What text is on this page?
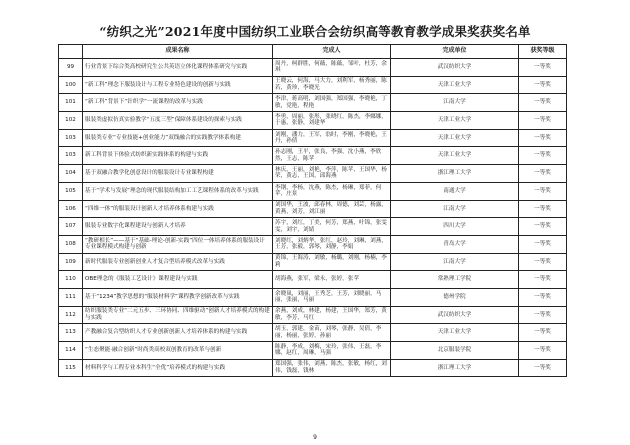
“纺织之光”2021年度中国纺织工业联合会纺织高等教育教学成果奖获奖名单
	成果名称	完成人	完成单位	获奖等级
99	行业背景下综合类高校研究生公共英语立体化课程体系研究与实践	周丹，柯群胜，何薇，陈薇，邹叶，杜芳，余琪	武汉纺织大学	一等奖
100	“新工科”理念下服装设计与工程专业特色建设的创新与实践	王晓云，何海，马大力，刘利军，杨秀丽，陈若，黄珍，李晓光	天津工业大学	一等奖
101	“新工科”背景下“针织学”一流课程的改革与实践	李津，蒋高明，刘国强，郑国强，李晓艳，丁敏，党艳，程艳	江南大学	一等奖
102	服装类虚拟仿真实验教学“五度三型”保障体系建设的探索与实践	李勇，周丽，张彤，张晓红，陈杰，李娜娜，于惠，张静，刘建华	天津工业大学	一等奖
103	服装类专业“专业技能+创业能力”双线融合的实践教学体系构建	刘刚，潘力，王军，翁时，李刚，李晓艳，王丹，孙倩	天津工业大学	一等奖
103	新工科背景下体验式纺织新实践体系的构建与实践	孙志刚，王平，张良，李强，沈小燕，李欣然，王志，陈苹	天津工业大学	一等奖
104	基于双融合教学化创意设计的服装设计专业课程构建	林庆，王丽，刘艳，李萍，陈苹，王国华，杨荣，黄志，王国，邱海燕	浙江理工大学	一等奖
105	基于“学术与发展”理念的现代服装结构加工工艺课程体系的改革与实践	李钢，李杨，沈燕，陈杰，杨琳，郑菲，何苹，庄景	南通大学	一等奖
106	“四维一体”的服装设计创新人才培养体系构建与实践	刘国华，王波，邱春林，周德，刘芸，杨露，黄燕，刘芳，刘江丽	江南大学	一等奖
107	服装专业数字化课程建设与创新人才培养	苏宇，刘红，丁美，何芳，郑燕，叶锦，张雯雯，刘宇，刘婧	四川大学	一等奖
108	“教研相长”——基于“基础-理论-创新-实践”四位一体培养体系的服装设计专业课程模式构建与创新	刘晓红，刘炳华，张红，赵玲，刘琳，刘燕，王芳，张毅，郭琴，刘静，李娟	青岛大学	一等奖
109	新时代服装专业创新创业人才复合型培养模式改革与实践	黄锦，王海涛，刘敏，杨璐，刘刚，杨楠，李莉	江南大学	一等奖
110	OBE理念的《服装工艺设计》课程建设与实践	胡海燕，张军，梁永，张婷，张苹	常熟理工学院	一等奖
111	基于“1234”教学思想的“服装材料学”课程教学创新改革与实践	余晓岚，刘丽，王秀芝，王芳，刘晓丽，马丽，张丽，马丽	德州学院	一等奖
112	纺织服装类专业“二元五步、三环协同、四维驱动”创新人才培养模式的构建与实践	余燕，刘成，林建，杨建，王国华，郑芳，黄敏，李芳，马红	武汉纺织大学	一等奖
113	产教融合复合型纺织人才专业创新创新人才培养体系的构建与实践	胡玉，郭建，金苗，刘琴，张静，吴倩，李丽，杨丽，张婷，孙丽	天津工业大学	一等奖
114	“生态聚能·融合创新”时尚类高校双创教育的改革与创新	陈静，李成，刘梅，宋玲，张伟，王磊，李娜，赵红，周琳，马强	北京服装学院	一等奖
115	材料科学与工程专业本科生“全优”培养模式的构建与实践	郑国强，张伟，刘燕，陈杰，张敏，杨红，刘伟，钱磊，钱林	浙江理工大学	一等奖
9
